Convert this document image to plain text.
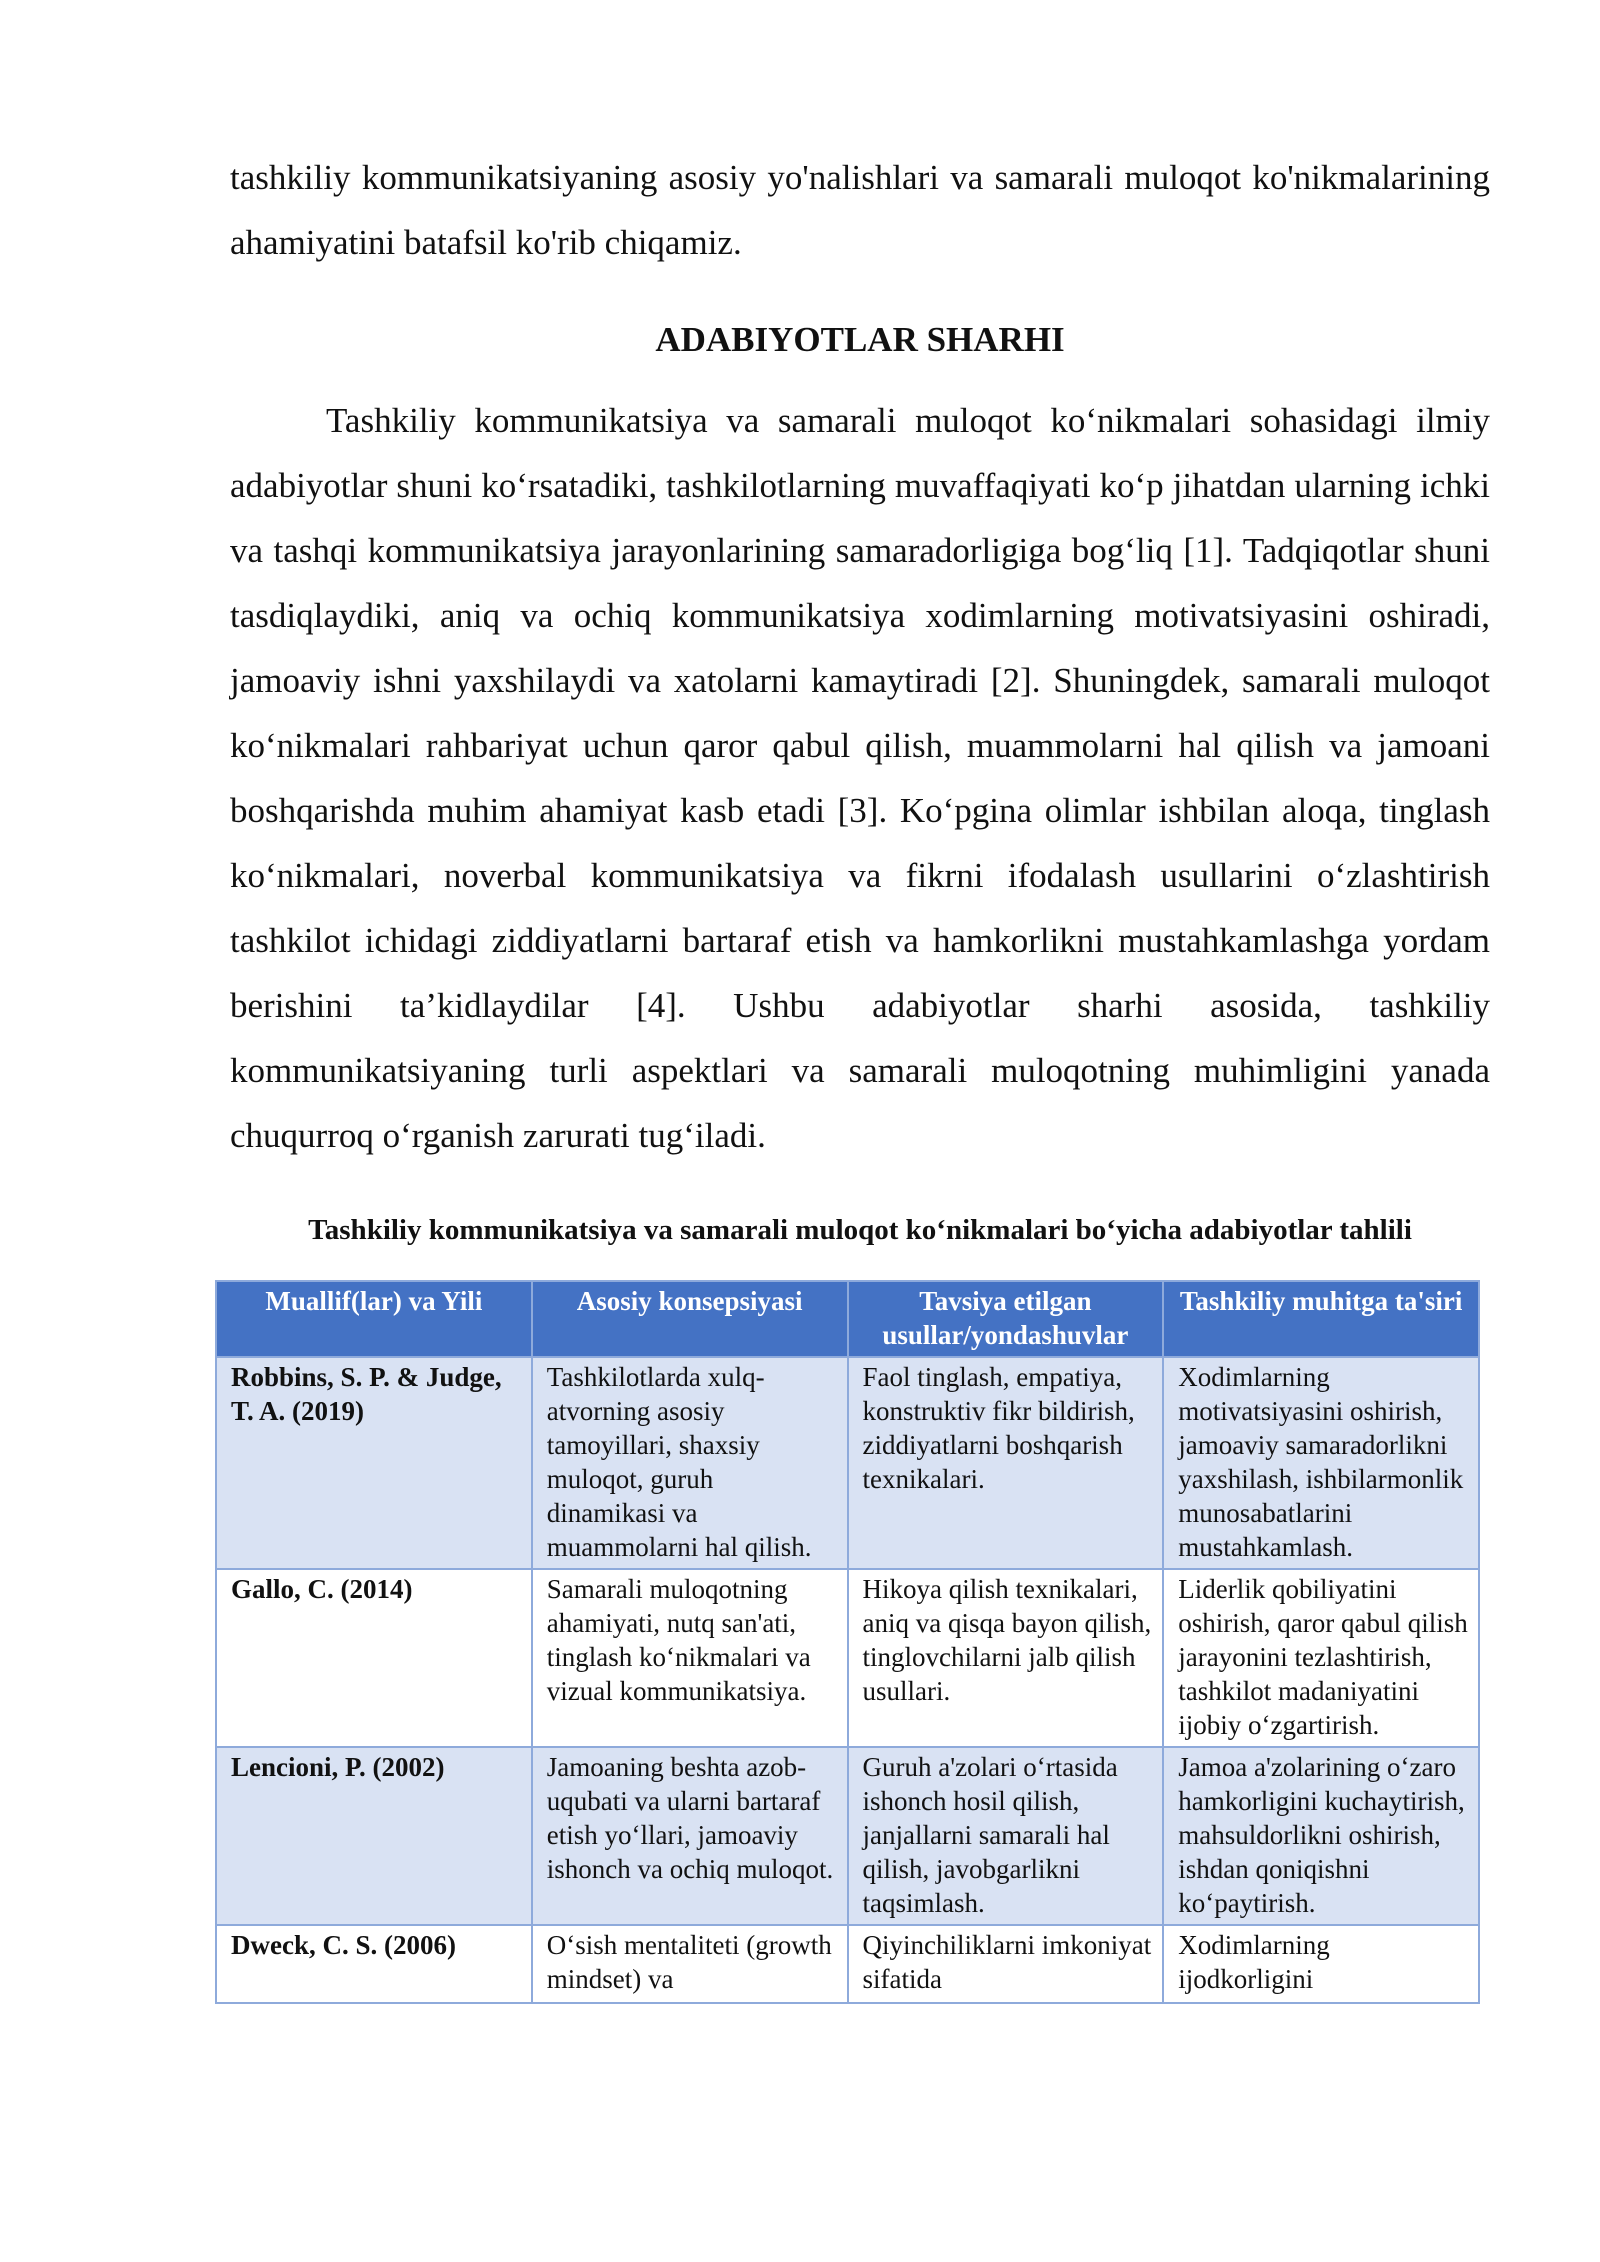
tashkiliy kommunikatsiyaning asosiy yo'nalishlari va samarali muloqot ko'nikmalarining ahamiyatini batafsil ko'rib chiqamiz.

ADABIYOTLAR SHARHI

Tashkiliy kommunikatsiya va samarali muloqot ko‘nikmalari sohasidagi ilmiy adabiyotlar shuni ko‘rsatadiki, tashkilotlarning muvaffaqiyati ko‘p jihatdan ularning ichki va tashqi kommunikatsiya jarayonlarining samaradorligiga bog‘liq [1]. Tadqiqotlar shuni tasdiqlaydiki, aniq va ochiq kommunikatsiya xodimlarning motivatsiyasini oshiradi, jamoaviy ishni yaxshilaydi va xatolarni kamaytiradi [2]. Shuningdek, samarali muloqot ko‘nikmalari rahbariyat uchun qaror qabul qilish, muammolarni hal qilish va jamoani boshqarishda muhim ahamiyat kasb etadi [3]. Ko‘pgina olimlar ishbilan aloqa, tinglash ko‘nikmalari, noverbal kommunikatsiya va fikrni ifodalash usullarini o‘zlashtirish tashkilot ichidagi ziddiyatlarni bartaraf etish va hamkorlikni mustahkamlashga yordam berishini ta’kidlaydilar [4]. Ushbu adabiyotlar sharhi asosida, tashkiliy kommunikatsiyaning turli aspektlari va samarali muloqotning muhimligini yanada chuqurroq o‘rganish zarurati tug‘iladi.

Tashkiliy kommunikatsiya va samarali muloqot ko‘nikmalari bo‘yicha adabiyotlar tahlili
Muallif(lar) va Yili	Asosiy konsepsiyasi	Tavsiya etilgan usullar/yondashuvlar	Tashkiliy muhitga ta'siri
Robbins, S. P. & Judge, T. A. (2019)	Tashkilotlarda xulq-atvorning asosiy tamoyillari, shaxsiy muloqot, guruh dinamikasi va muammolarni hal qilish.	Faol tinglash, empatiya, konstruktiv fikr bildirish, ziddiyatlarni boshqarish texnikalari.	Xodimlarning motivatsiyasini oshirish, jamoaviy samaradorlikni yaxshilash, ishbilarmonlik munosabatlarini mustahkamlash.
Gallo, C. (2014)	Samarali muloqotning ahamiyati, nutq san'ati, tinglash ko‘nikmalari va vizual kommunikatsiya.	Hikoya qilish texnikalari, aniq va qisqa bayon qilish, tinglovchilarni jalb qilish usullari.	Liderlik qobiliyatini oshirish, qaror qabul qilish jarayonini tezlashtirish, tashkilot madaniyatini ijobiy o‘zgartirish.
Lencioni, P. (2002)	Jamoaning beshta azob-uqubati va ularni bartaraf etish yo‘llari, jamoaviy ishonch va ochiq muloqot.	Guruh a'zolari o‘rtasida ishonch hosil qilish, janjallarni samarali hal qilish, javobgarlikni taqsimlash.	Jamoa a'zolarining o‘zaro hamkorligini kuchaytirish, mahsuldorlikni oshirish, ishdan qoniqishni ko‘paytirish.

Dweck, C. S. (2006)	O‘sish mentaliteti (growth mindset) va	Qiyinchiliklarni imkoniyat sifatida	Xodimlarning ijodkorligini
